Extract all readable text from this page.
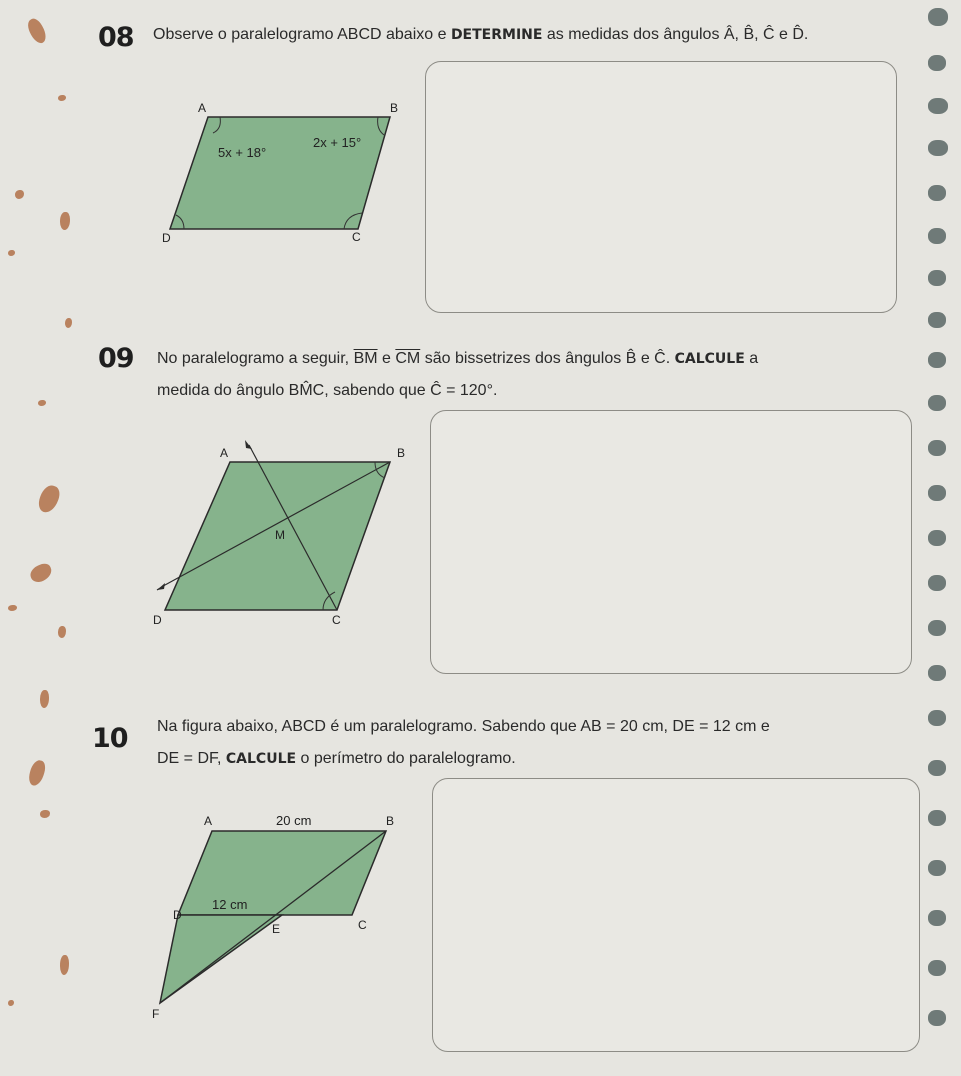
08 Observe o paralelogramo ABCD abaixo e DETERMINE as medidas dos ângulos Â, B̂, Ĉ e D̂.
A	B
C
D
5x + 18°
2x + 15°
09 No paralelogramo a seguir, $\overline{BM}$ e $\overline{CM}$ são bissetrizes dos ângulos B̂ e Ĉ. CALCULE a
medida do ângulo BM̂C, sabendo que Ĉ = 120°.
A	B
C
D
M
10 Na figura abaixo, ABCD é um paralelogramo. Sabendo que AB = 20 cm, DE = 12 cm e
DE = DF, CALCULE o perímetro do paralelogramo.
A	B
C
D
E
F
20 cm
12 cm
